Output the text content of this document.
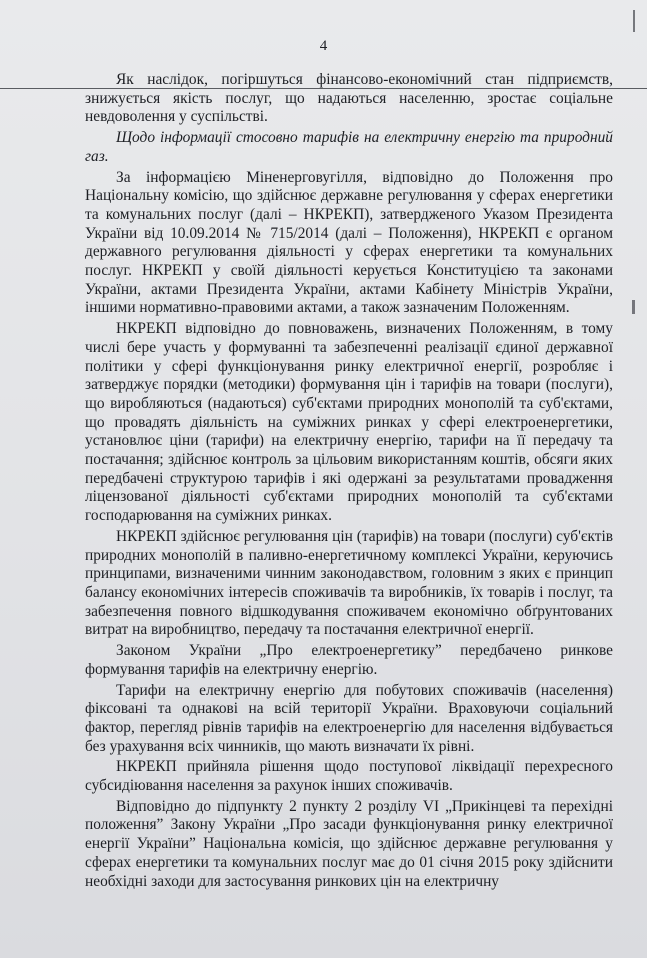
4

Як наслідок, погіршуться фінансово-економічний стан підприємств, знижується якість послуг, що надаються населенню, зростає соціальне невдоволення у суспільстві.

Щодо інформації стосовно тарифів на електричну енергію та природний газ.

За інформацією Міненерговугілля, відповідно до Положення про Національну комісію, що здійснює державне регулювання у сферах енергетики та комунальних послуг (далі – НКРЕКП), затвердженого Указом Президента України від 10.09.2014 № 715/2014 (далі – Положення), НКРЕКП є органом державного регулювання діяльності у сферах енергетики та комунальних послуг. НКРЕКП у своїй діяльності керується Конституцією та законами України, актами Президента України, актами Кабінету Міністрів України, іншими нормативно-правовими актами, а також зазначеним Положенням.

НКРЕКП відповідно до повноважень, визначених Положенням, в тому числі бере участь у формуванні та забезпеченні реалізації єдиної державної політики у сфері функціонування ринку електричної енергії, розробляє і затверджує порядки (методики) формування цін і тарифів на товари (послуги), що виробляються (надаються) суб'єктами природних монополій та суб'єктами, що провадять діяльність на суміжних ринках у сфері електроенергетики, установлює ціни (тарифи) на електричну енергію, тарифи на її передачу та постачання; здійснює контроль за цільовим використанням коштів, обсяги яких передбачені структурою тарифів і які одержані за результатами провадження ліцензованої діяльності суб'єктами природних монополій та суб'єктами господарювання на суміжних ринках.

НКРЕКП здійснює регулювання цін (тарифів) на товари (послуги) суб'єктів природних монополій в паливно-енергетичному комплексі України, керуючись принципами, визначеними чинним законодавством, головним з яких є принцип балансу економічних інтересів споживачів та виробників, їх товарів і послуг, та забезпечення повного відшкодування споживачем економічно обґрунтованих витрат на виробництво, передачу та постачання електричної енергії.

Законом України „Про електроенергетику” передбачено ринкове формування тарифів на електричну енергію.

Тарифи на електричну енергію для побутових споживачів (населення) фіксовані та однакові на всій території України. Враховуючи соціальний фактор, перегляд рівнів тарифів на електроенергію для населення відбувається без урахування всіх чинників, що мають визначати їх рівні.

НКРЕКП прийняла рішення щодо поступової ліквідації перехресного субсидіювання населення за рахунок інших споживачів.

Відповідно до підпункту 2 пункту 2 розділу VI „Прикінцеві та перехідні положення” Закону України „Про засади функціонування ринку електричної енергії України” Національна комісія, що здійснює державне регулювання у сферах енергетики та комунальних послуг має до 01 січня 2015 року здійснити необхідні заходи для застосування ринкових цін на електричну
